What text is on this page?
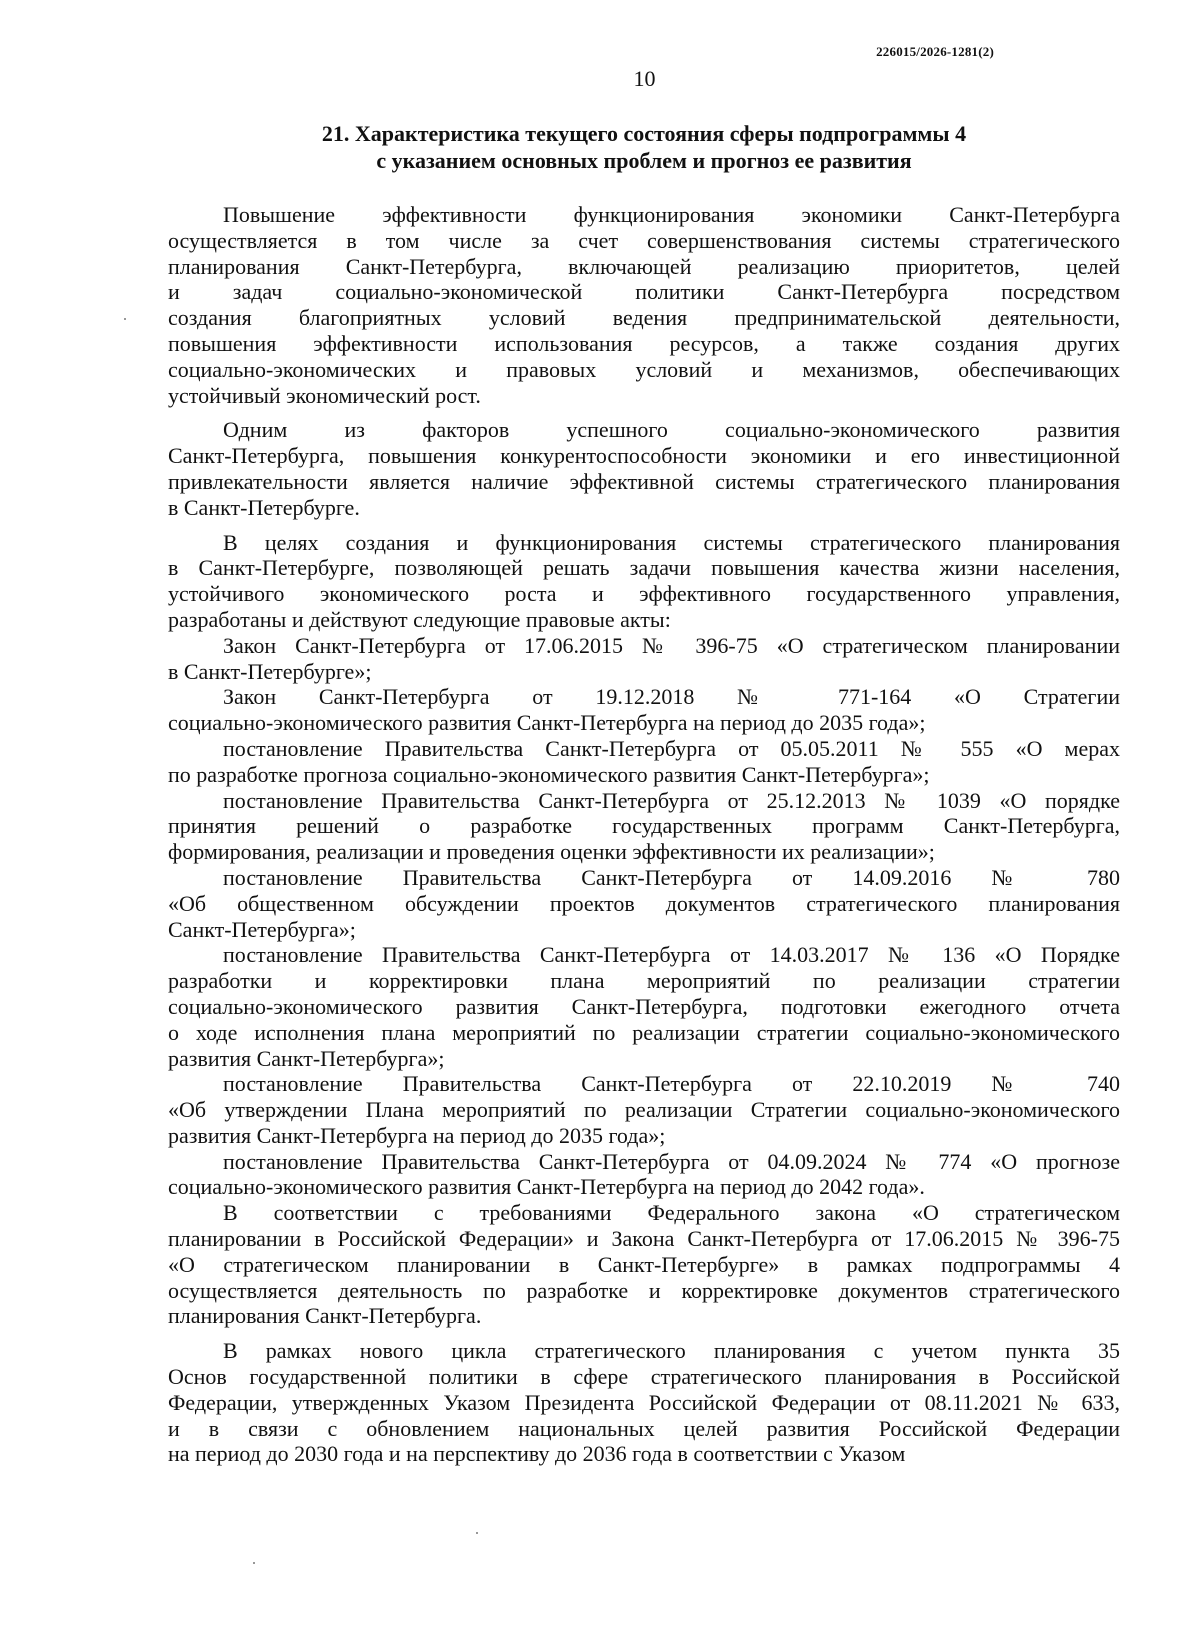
226015/2026-1281(2)
10
21. Характеристика текущего состояния сферы подпрограммы 4
с указанием основных проблем и прогноз ее развития
Повышение эффективности функционирования экономики Санкт-Петербурга
осуществляется в том числе за счет совершенствования системы стратегического
планирования Санкт-Петербурга, включающей реализацию приоритетов, целей
и задач социально-экономической политики Санкт-Петербурга посредством
создания благоприятных условий ведения предпринимательской деятельности,
повышения эффективности использования ресурсов, а также создания других
социально-экономических и правовых условий и механизмов, обеспечивающих
устойчивый экономический рост.
Одним из факторов успешного социально-экономического развития
Санкт-Петербурга, повышения конкурентоспособности экономики и его инвестиционной
привлекательности является наличие эффективной системы стратегического планирования
в Санкт-Петербурге.
В целях создания и функционирования системы стратегического планирования
в Санкт-Петербурге, позволяющей решать задачи повышения качества жизни населения,
устойчивого экономического роста и эффективного государственного управления,
разработаны и действуют следующие правовые акты:
Закон Санкт-Петербурга от 17.06.2015 № 396-75 «О стратегическом планировании
в Санкт-Петербурге»;
Закон Санкт-Петербурга от 19.12.2018 № 771-164 «О Стратегии
социально-экономического развития Санкт-Петербурга на период до 2035 года»;
постановление Правительства Санкт-Петербурга от 05.05.2011 № 555 «О мерах
по разработке прогноза социально-экономического развития Санкт-Петербурга»;
постановление Правительства Санкт-Петербурга от 25.12.2013 № 1039 «О порядке
принятия решений о разработке государственных программ Санкт-Петербурга,
формирования, реализации и проведения оценки эффективности их реализации»;
постановление Правительства Санкт-Петербурга от 14.09.2016 № 780
«Об общественном обсуждении проектов документов стратегического планирования
Санкт-Петербурга»;
постановление Правительства Санкт-Петербурга от 14.03.2017 № 136 «О Порядке
разработки и корректировки плана мероприятий по реализации стратегии
социально-экономического развития Санкт-Петербурга, подготовки ежегодного отчета
о ходе исполнения плана мероприятий по реализации стратегии социально-экономического
развития Санкт-Петербурга»;
постановление Правительства Санкт-Петербурга от 22.10.2019 № 740
«Об утверждении Плана мероприятий по реализации Стратегии социально-экономического
развития Санкт-Петербурга на период до 2035 года»;
постановление Правительства Санкт-Петербурга от 04.09.2024 № 774 «О прогнозе
социально-экономического развития Санкт-Петербурга на период до 2042 года».
В соответствии с требованиями Федерального закона «О стратегическом
планировании в Российской Федерации» и Закона Санкт-Петербурга от 17.06.2015 № 396-75
«О стратегическом планировании в Санкт-Петербурге» в рамках подпрограммы 4
осуществляется деятельность по разработке и корректировке документов стратегического
планирования Санкт-Петербурга.
В рамках нового цикла стратегического планирования с учетом пункта 35
Основ государственной политики в сфере стратегического планирования в Российской
Федерации, утвержденных Указом Президента Российской Федерации от 08.11.2021 № 633,
и в связи с обновлением национальных целей развития Российской Федерации
на период до 2030 года и на перспективу до 2036 года в соответствии с Указом
